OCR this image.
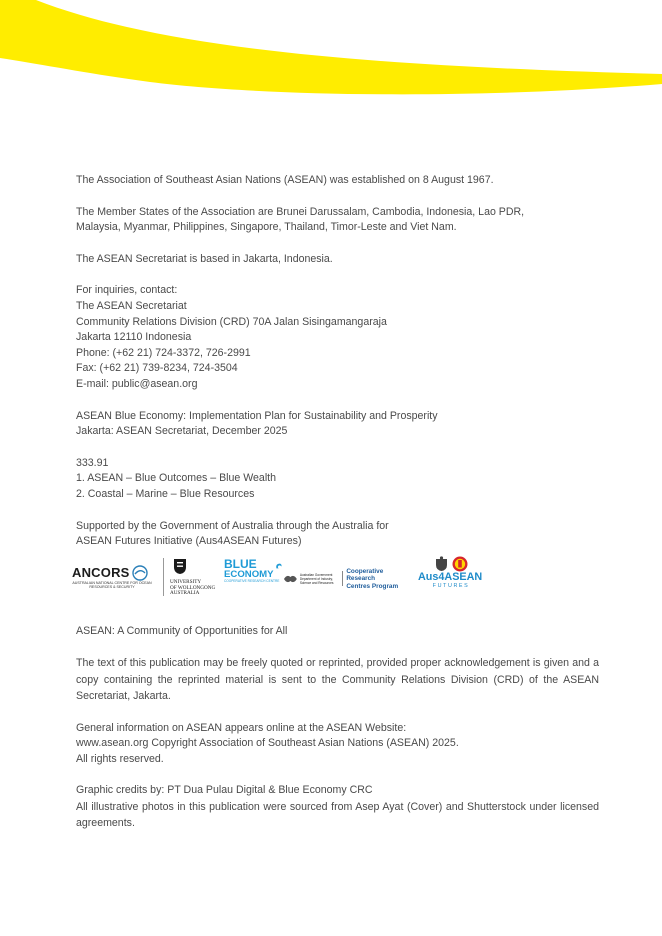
The Association of Southeast Asian Nations (ASEAN) was established on 8 August 1967.

The Member States of the Association are Brunei Darussalam, Cambodia, Indonesia, Lao PDR,

Malaysia, Myanmar, Philippines, Singapore, Thailand, Timor-Leste and Viet Nam.

The ASEAN Secretariat is based in Jakarta, Indonesia.

For inquiries, contact:

The ASEAN Secretariat

Community Relations Division (CRD) 70A Jalan Sisingamangaraja

Jakarta 12110 Indonesia

Phone: (+62 21) 724-3372, 726-2991

Fax: (+62 21) 739-8234, 724-3504

E-mail: public@asean.org

ASEAN Blue Economy: Implementation Plan for Sustainability and Prosperity

Jakarta: ASEAN Secretariat, December 2025

333.91

1. ASEAN – Blue Outcomes – Blue Wealth

2. Coastal – Marine – Blue Resources

Supported by the Government of Australia through the Australia for

ASEAN Futures Initiative (Aus4ASEAN Futures)

ANCORS
AUSTRALIAN NATIONAL CENTRE FOR OCEAN RESOURCES & SECURITY
UNIVERSITY
OF WOLLONGONG
AUSTRALIA
BLUE
ECONOMY
COOPERATIVE RESEARCH CENTRE
Australian Government
Department of Industry,
Science and Resources
Cooperative Research
Centres Program
Aus4ASEAN
FUTURES

ASEAN: A Community of Opportunities for All

The text of this publication may be freely quoted or reprinted, provided proper acknowledgement is given and a copy containing the reprinted material is sent to the Community Relations Division (CRD) of the ASEAN Secretariat, Jakarta.

General information on ASEAN appears online at the ASEAN Website:

www.asean.org Copyright Association of Southeast Asian Nations (ASEAN) 2025.

All rights reserved.

Graphic credits by: PT Dua Pulau Digital & Blue Economy CRC

All illustrative photos in this publication were sourced from Asep Ayat (Cover) and Shutterstock under licensed agreements.
